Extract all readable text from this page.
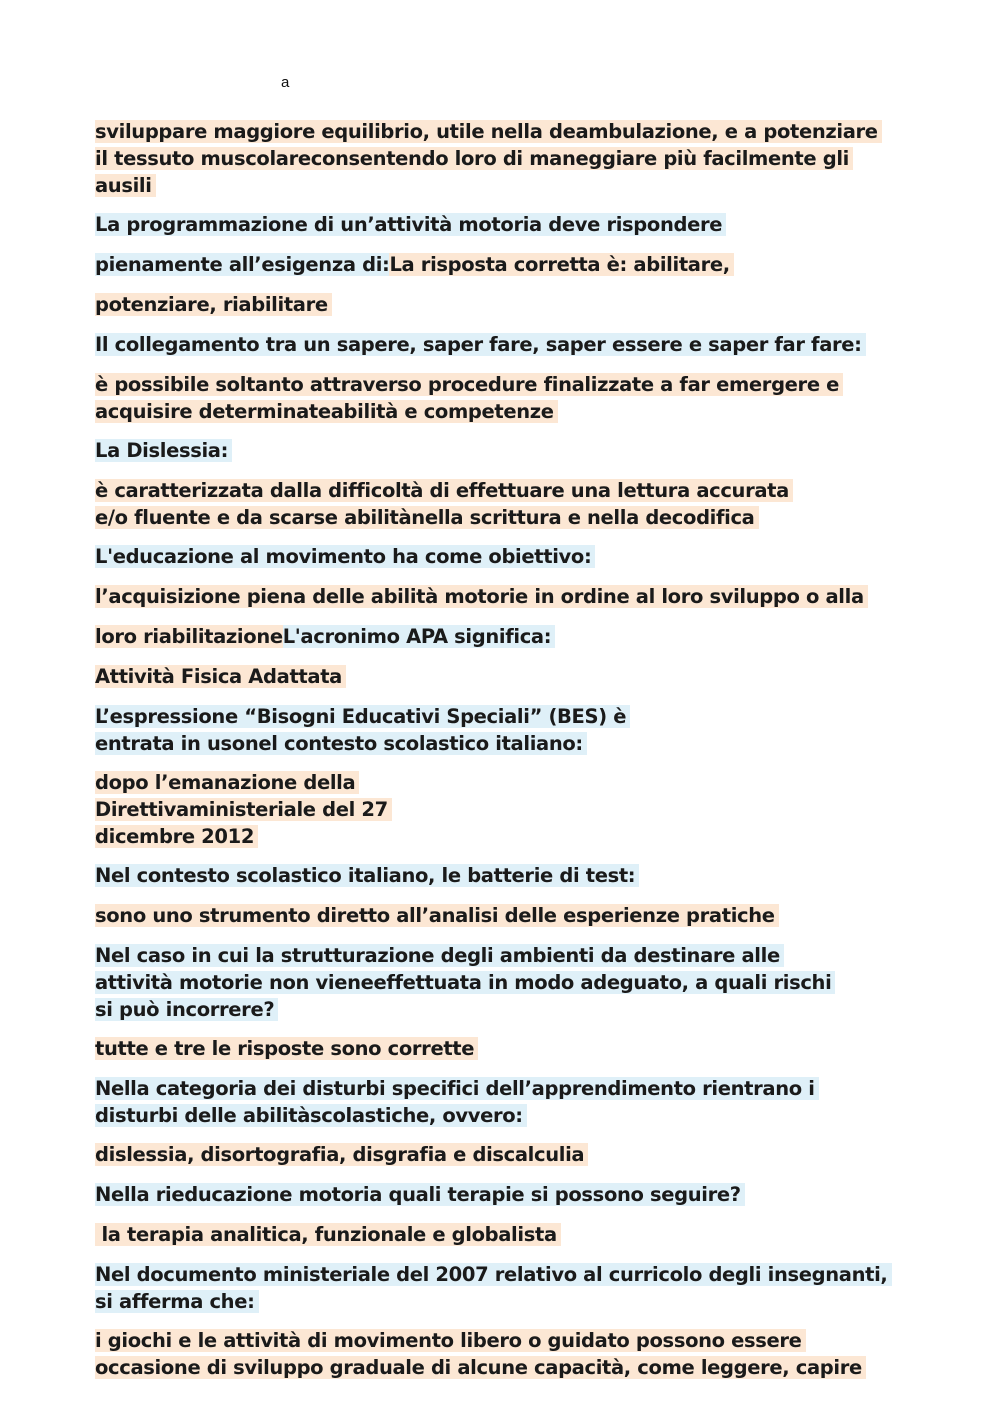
a

sviluppare maggiore equilibrio, utile nella deambulazione, e a potenziare il tessuto muscolareconsentendo loro di maneggiare più facilmente gli ausili

La programmazione di un’attività motoria deve rispondere

pienamente all’esigenza di:La risposta corretta è: abilitare,

potenziare, riabilitare

Il collegamento tra un sapere, saper fare, saper essere e saper far fare:

è possibile soltanto attraverso procedure finalizzate a far emergere e acquisire determinateabilità e competenze

La Dislessia:

è caratterizzata dalla difficoltà di effettuare una lettura accurata e/o fluente e da scarse abilitànella scrittura e nella decodifica

L'educazione al movimento ha come obiettivo:

l’acquisizione piena delle abilità motorie in ordine al loro sviluppo o alla

loro riabilitazioneL'acronimo APA significa:

Attività Fisica Adattata

L’espressione “Bisogni Educativi Speciali” (BES) è
entrata in usonel contesto scolastico italiano:

dopo l’emanazione della
Direttivaministeriale del 27
dicembre 2012

Nel contesto scolastico italiano, le batterie di test:

sono uno strumento diretto all’analisi delle esperienze pratiche

Nel caso in cui la strutturazione degli ambienti da destinare alle attività motorie non vieneeffettuata in modo adeguato, a quali rischi si può incorrere?

tutte e tre le risposte sono corrette

Nella categoria dei disturbi specifici dell’apprendimento rientrano i disturbi delle abilitàscolastiche, ovvero:

dislessia, disortografia, disgrafia e discalculia

Nella rieducazione motoria quali terapie si possono seguire?

la terapia analitica, funzionale e globalista

Nel documento ministeriale del 2007 relativo al curricolo degli insegnanti, si afferma che:

i giochi e le attività di movimento libero o guidato possono essere occasione di sviluppo graduale di alcune capacità, come leggere, capire
